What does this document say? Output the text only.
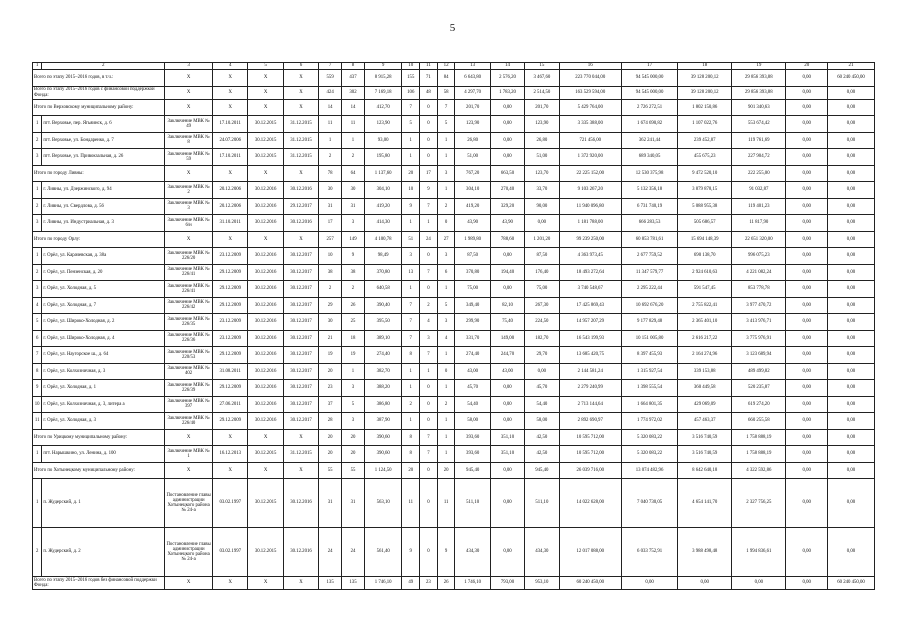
5
1	2	3	4	5	6	7	8	9	10	11	12	13	14	15	16	17	18	19	20	21
Всего по этапу 2015–2016 годов, в т.ч.:		X	X	X	X	559	437	8 915,28	155	71	84	6 643,80	2 576,20	3 467,60	223 770 044,00	94 545 000,00	39 128 200,12	29 856 393,88	0,00	60 240 450,00
Всего по этапу 2015–2016 годов с финансовой поддержкой Фонда:		X	X	X	X	424	302	7 169,18	106	48	58	4 297,70	1 783,20	2 514,50	163 529 594,00	94 545 000,00	39 128 200,12	29 856 393,88	0,00	0,00
Итого по Верховскому муниципальному району:		X	X	X	X	14	14	412,70	7	0	7	201,70	0,00	201,70	5 429 764,00	2 726 272,51	1 802 150,86	901 340,63	0,00	0,00
1	пгт. Верховье, пер. Ягьяинск, д. 6	Заключение МВК № 49	17.10.2011	30.12.2015	31.12.2015	11	11	123,90	5	0	5	123,90	0,00	123,90	3 335 388,00	1 674 690,82	1 107 022,76	553 674,42	0,00	0,00
2	пгт. Верховье, ул. Бондаренко, д. 7	Заключение МВК № 8	24.07.2006	30.12.2015	31.12.2015	1	1	93,00	1	0	1	26,80	0,00	26,80	721 456,00	362 241,44	239 452,87	119 761,69	0,00	0,00
3	пгт. Верховье, ул. Привокзальная, д. 26	Заключение МВК № 59	17.10.2011	30.12.2015	31.12.2015	2	2	195,80	1	0	1	51,00	0,00	51,00	1 372 920,00	689 340,05	455 675,23	227 904,72	0,00	0,00
Итого по городу Ливны:		X	X	X	X	78	64	1 137,60	20	17	3	767,20	663,50	123,70	22 225 152,00	12 530 375,98	9 472 520,10	222 255,00	0,00	0,00
1	г. Ливны, ул. Дзержинского, д. 94	Заключение МВК № 2	20.12.2006	30.12.2016	30.12.2016	30	30	304,10	10	9	1	304,10	270,40	33,70	9 103 267,20	5 132 356,18	3 879 878,15	91 032,87	0,00	0,00
2	г. Ливны, ул. Свердлова, д. 56	Заключение МВК № 3	20.12.2006	30.12.2016	29.12.2017	31	31	419,20	9	7	2	419,20	329,20	90,00	11 940 096,80	6 731 740,19	5 088 955,38	119 401,23	0,00	0,00
3	г. Ливны, ул. Индустриальная, д. 3	Заключение МВК № 6/н	31.10.2011	30.12.2016	30.12.2016	17	3	414,30	1	1	0	43,90	43,90	0,00	1 181 788,00	666 283,53	505 686,57	11 817,90	0,00	0,00
Итого по городу Орлу:		X	X	X	X	257	149	4 100,78	51	24	27	1 989,80	788,60	1 201,20	99 239 250,00	60 853 781,61	15 694 148,39	22 651 320,00	0,00	0,00
1	г. Орёл, ул. Карачевская, д. 38а	Заключение МВК № 226/20	23.12.2009	30.12.2016	30.12.2017	10	9	98,49	3	0	3	87,50	0,00	87,50	4 363 973,45	2 677 759,52	690 138,70	996 075,23	0,00	0,00
2	г. Орёл, ул. Пензенская, д. 20	Заключение МВК № 226/41	29.12.2009	30.12.2016	30.12.2017	38	38	370,80	13	7	6	370,80	194,40	176,40	18 493 272,64	11 347 579,77	2 924 610,63	4 221 082,24	0,00	0,00
3	г. Орёл, ул. Холодная, д. 5	Заключение МВК № 226/41	29.12.2009	30.12.2016	30.12.2017	2	2	640,58	1	0	1	75,00	0,00	75,00	3 740 548,67	2 295 222,44	591 547,45	853 778,78	0,00	0,00
4	г. Орёл, ул. Холодная, д. 7	Заключение МВК № 226/42	29.12.2009	30.12.2016	30.12.2017	29	26	390,40	7	2	5	349,40	82,10	267,30	17 425 869,43	10 692 676,20	2 755 822,41	3 977 470,72	0,00	0,00
5	г. Орёл, ул. Широко-Холодная, д. 2	Заключение МВК № 226/35	23.12.2009	30.12.2016	30.12.2017	30	25	395,50	7	4	3	299,90	75,40	224,50	14 957 207,29	9 177 829,48	2 365 401,10	3 413 976,71	0,00	0,00
6	г. Орёл, ул. Широко-Холодная, д. 4	Заключение МВК № 226/36	23.12.2009	30.12.2016	30.12.2017	21	18	389,10	7	3	4	331,70	149,00	182,70	16 543 199,93	10 151 005,80	2 616 217,22	3 775 976,91	0,00	0,00
7	г. Орёл, ул. Наугорское ш., д. 64	Заключение МВК № 220/53	29.12.2009	30.12.2016	30.12.2017	19	19	274,40	8	7	1	274,40	244,70	29,70	13 685 420,75	8 397 455,93	2 164 274,96	3 123 689,94	0,00	0,00
8	г. Орёл, ул. Колхозничная, д. 3	Заключение МВК № 402	31.08.2011	30.12.2016	30.12.2017	20	1	382,70	1	1	0	43,00	43,00	0,00	2 144 581,24	1 315 927,54	339 153,88	489 499,82	0,00	0,00
9	г. Орёл, ул. Холодная, д. 1	Заключение МВК № 226/39	29.12.2009	30.12.2016	30.12.2017	23	3	388,20	1	0	1	45,70	0,00	45,70	2 279 240,99	1 398 555,54	360 449,58	520 235,87	0,00	0,00
10	г. Орёл, ул. Колхозничная, д. 3, литера а	Заключение МВК № 397	27.06.2011	30.12.2016	30.12.2017	37	5	386,80	2	0	2	54,40	0,00	54,40	2 713 144,64	1 664 801,35	429 069,09	619 274,20	0,00	0,00
11	г. Орёл, ул. Холодная, д. 3	Заключение МВК № 226/40	29.12.2009	30.12.2016	30.12.2017	28	3	387,90	1	0	1	58,00	0,00	58,00	2 892 690,97	1 774 972,02	457 463,37	660 255,58	0,00	0,00
Итого по Урицкому муниципальному району:		X	X	X	X	20	20	390,60	8	7	1	393,60	351,10	42,50	10 595 712,00	5 320 083,22	3 516 740,59	1 758 888,19	0,00	0,00
1	пгт. Нарышкино, ул. Ленина, д. 100	Заключение МВК № 1	16.12.2013	30.12.2015	31.12.2015	20	20	390,60	8	7	1	393,60	351,10	42,50	10 595 712,00	5 320 083,22	3 516 740,59	1 758 888,19	0,00	0,00
Итого по Хотынецкому муниципальному району:		X	X	X	X	55	55	1 124,50	20	0	20	945,40	0,00	945,40	26 039 716,00	13 074 482,96	8 642 640,18	4 322 592,86	0,00	0,00
1	п. Жудерский, д. 1	Постановление главы администрации Хотынецкого района № 24-а	03.02.1997	30.12.2015	30.12.2016	31	31	563,10	11	0	11	511,10	0,00	511,10	14 022 628,00	7 040 730,05	4 654 141,70	2 327 756,25	0,00	0,00
2	п. Жудерский, д. 2	Постановление главы администрации Хотынецкого района № 24-а	03.02.1997	30.12.2015	30.12.2016	24	24	561,40	9	0	9	434,30	0,00	434,30	12 017 088,00	6 033 752,91	3 988 498,48	1 994 836,61	0,00	0,00
Всего по этапу 2015–2016 годов без финансовой поддержки Фонда:		X	X	X	X	135	135	1 746,10	49	23	26	1 746,10	793,00	953,10	60 240 450,00	0,00	0,00	0,00	0,00	60 240 450,00
